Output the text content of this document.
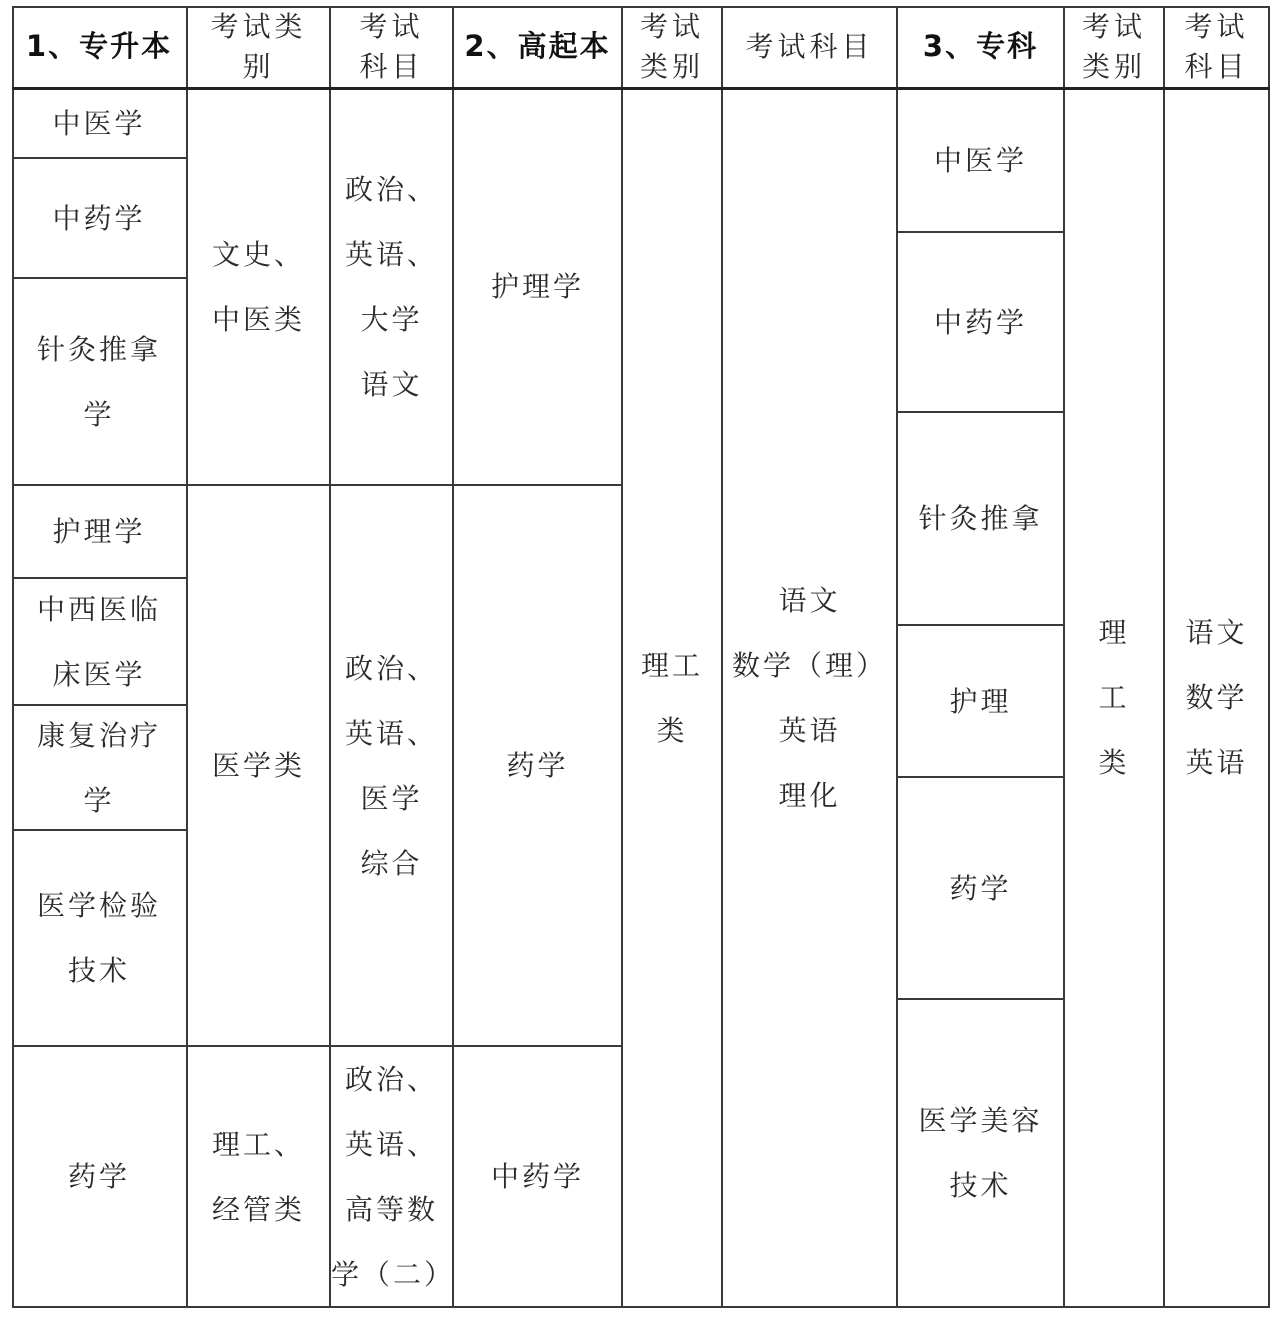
1、专升本
考试类
别
考试
科目
2、高起本
考试
类别
考试科目 3、专科
考试
类别
考试
科目
中医学
中药学
针灸推拿
学
护理学
中西医临
床医学
康复治疗
学
医学检验
技术
药学
文史、
中医类
医学类
理工、
经管类
政治、
英语、
大学
语文
政治、
英语、
医学
综合
政治、
英语、
高等数
学（二）
护理学
药学
中药学
理工
类
语文
数学（理）
英语
理化
中医学
中药学
针灸推拿
护理
药学
医学美容
技术
理
工
类
语文
数学
英语
